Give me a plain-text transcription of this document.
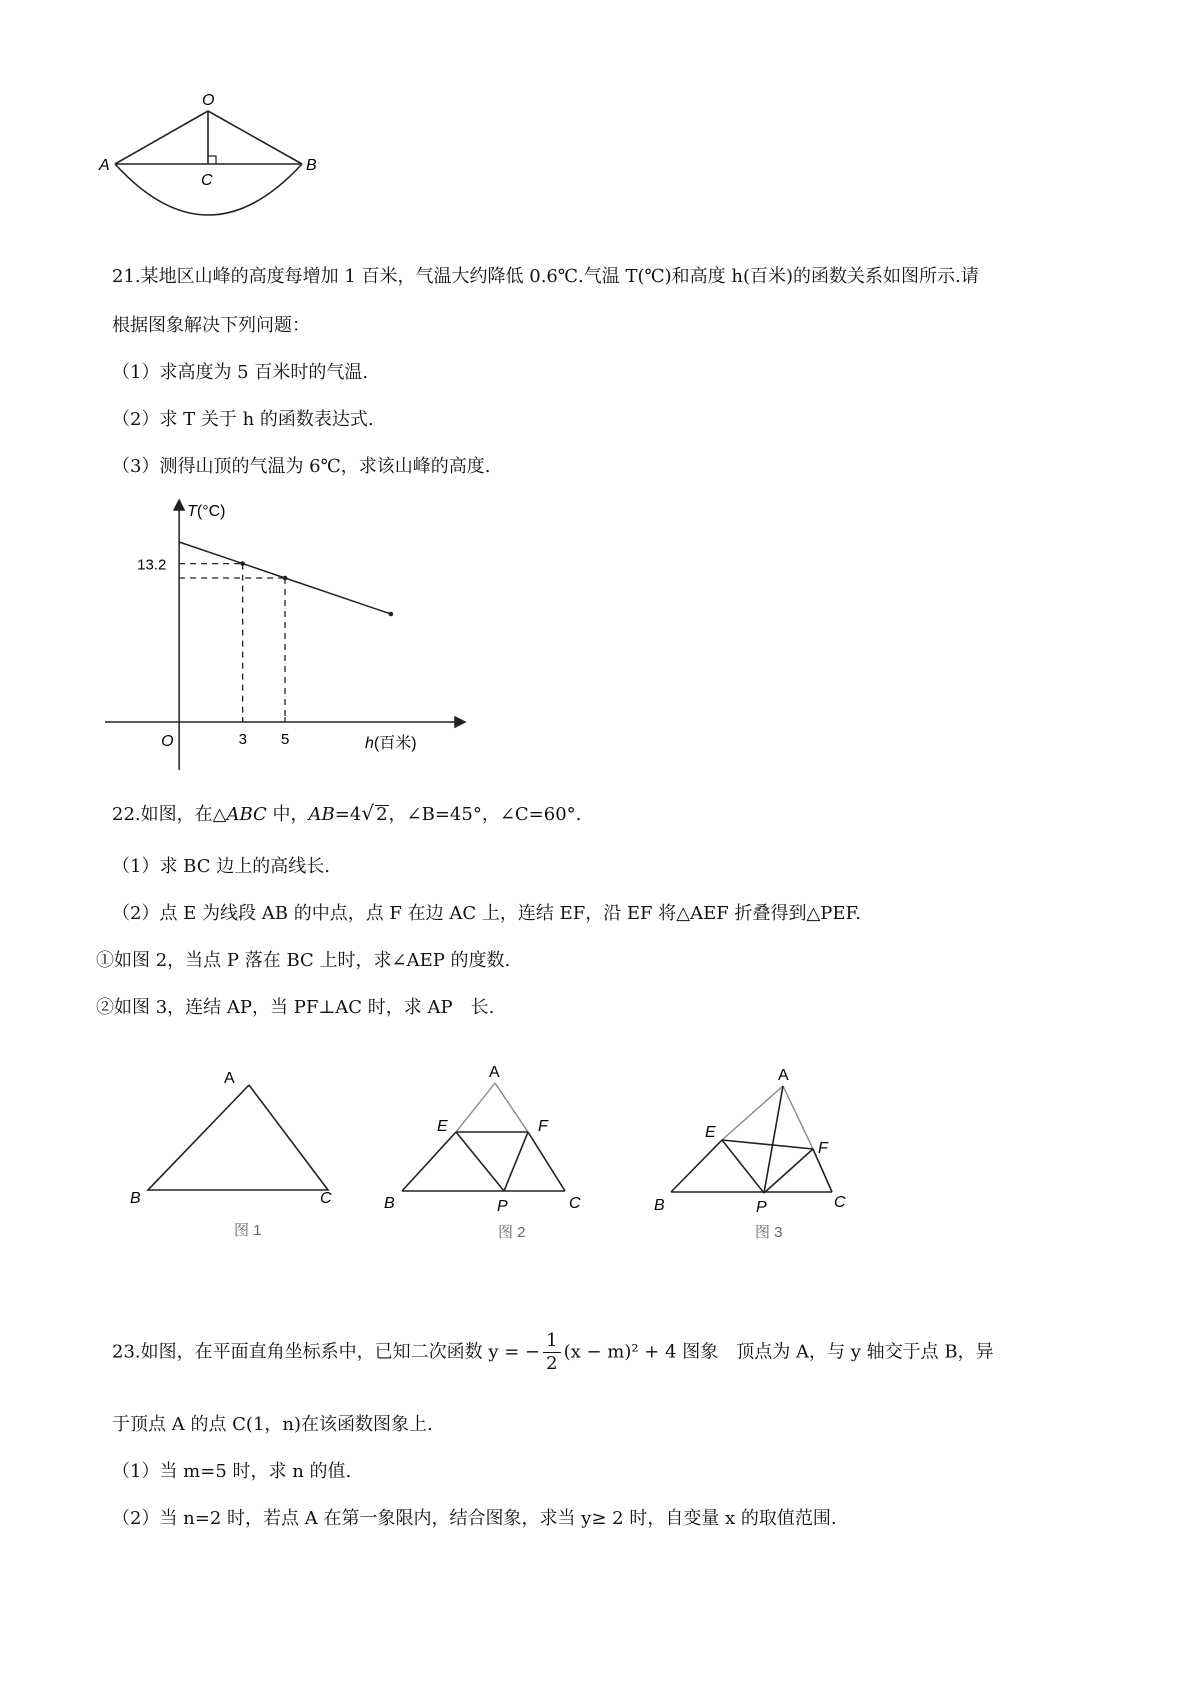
O
A	B
C
21.某地区山峰的高度每增加 1 百米，气温大约降低 0.6℃.气温 T(℃)和高度 h(百米)的函数关系如图所示.请
根据图象解决下列问题：
（1）求高度为 5 百米时的气温.
（2）求 T 关于 h 的函数表达式.
（3）测得山顶的气温为 6℃，求该山峰的高度.
3 5
13.2
T(°C)
h(百米)
O
22.如图，在△ABC 中，AB=4√ 2，∠B=45°，∠C=60°.
（1）求 BC 边上的高线长.
（2）点 E 为线段 AB 的中点，点 F 在边 AC 上，连结 EF，沿 EF 将△AEF 折叠得到△PEF.
①如图 2，当点 P 落在 BC 上时，求∠AEP 的度数.
②如图 3，连结 AP，当 PF⊥AC 时，求 AP　长.
A
B	C
图 1
A
E	F
B	P	C
图 2
A
E
F
B	P	C
图 3
23.如图，在平面直角坐标系中，已知二次函数 y = − $\frac{1}{2} (x - m)^2 + 4$ 图象　顶点为 A，与 y 轴交于点 B，异
于顶点 A 的点 C(1，n)在该函数图象上.
（1）当 m=5 时，求 n 的值.
（2）当 n=2 时，若点 A 在第一象限内，结合图象，求当 y≥ 2 时，自变量 x 的取值范围.
